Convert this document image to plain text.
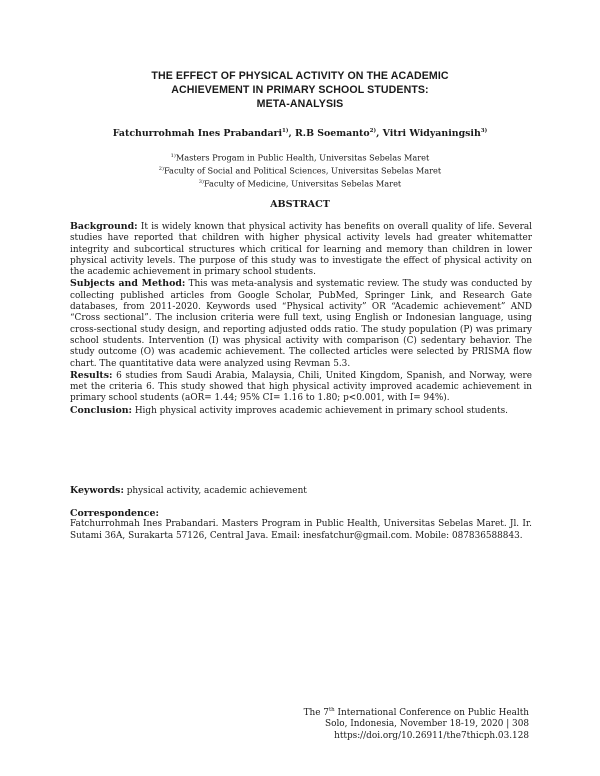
THE EFFECT OF PHYSICAL ACTIVITY ON THE ACADEMIC
ACHIEVEMENT IN PRIMARY SCHOOL STUDENTS:
META-ANALYSIS
Fatchurrohmah Ines Prabandari$^{1)}$, R.B Soemanto$^{2)}$, Vitri Widyaningsih$^{3)}$
$^{1)}$Masters Progam in Public Health, Universitas Sebelas Maret
$^{2)}$Faculty of Social and Political Sciences, Universitas Sebelas Maret
$^{3)}$Faculty of Medicine, Universitas Sebelas Maret
ABSTRACT

Background: It is widely known that physical activity has benefits on overall quality of life. Several studies have reported that children with higher physical activity levels had greater whitematter integrity and subcortical structures which critical for learning and memory than children in lower physical activity levels. The purpose of this study was to investigate the effect of physical activity on the academic achievement in primary school students.

Subjects and Method: This was meta-analysis and systematic review. The study was conducted by collecting published articles from Google Scholar, PubMed, Springer Link, and Research Gate databases, from 2011-2020. Keywords used “Physical activity” OR “Academic achievement” AND “Cross sectional”. The inclusion criteria were full text, using English or Indonesian language, using cross-sectional study design, and reporting adjusted odds ratio. The study population (P) was primary school students. Intervention (I) was physical activity with comparison (C) sedentary behavior. The study outcome (O) was academic achievement. The collected articles were selected by PRISMA flow chart. The quantitative data were analyzed using Revman 5.3.

Results: 6 studies from Saudi Arabia, Malaysia, Chili, United Kingdom, Spanish, and Norway, were met the criteria 6. This study showed that high physical activity improved academic achievement in primary school students (aOR= 1.44; 95% CI= 1.16 to 1.80; p<0.001, with I= 94%).

Conclusion: High physical activity improves academic achievement in primary school students.

Keywords: physical activity, academic achievement
Correspondence:
Fatchurrohmah Ines Prabandari. Masters Program in Public Health, Universitas Sebelas Maret. Jl. Ir. Sutami 36A, Surakarta 57126, Central Java. Email: inesfatchur@gmail.com. Mobile: 087836588843.
The 7th International Conference on Public Health
Solo, Indonesia, November 18-19, 2020 | 308
https://doi.org/10.26911/the7thicph.03.128
